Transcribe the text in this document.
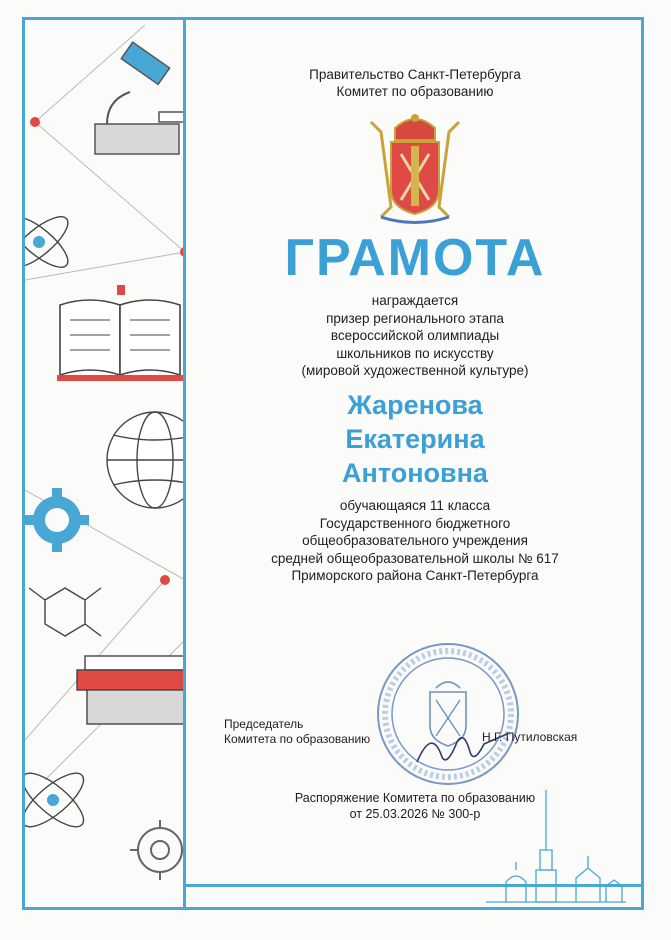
Правительство Санкт-Петербурга
Комитет по образованию
ГРАМОТА
награждается
призер регионального этапа
всероссийской олимпиады
школьников по искусству
(мировой художественной культуре)
Жаренова
Екатерина
Антоновна
обучающаяся 11 класса
Государственного бюджетного
общеобразовательного учреждения
средней общеобразовательной школы № 617
Приморского района Санкт-Петербурга
Председатель
Комитета по образованию	Н.Г. Путиловская
Распоряжение Комитета по образованию
от 25.03.2026 № 300-р
